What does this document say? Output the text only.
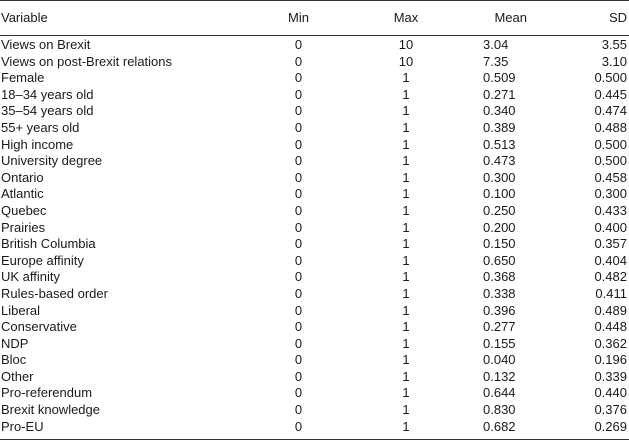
Variable	Min	Max	Mean	SD
Views on Brexit	0	10	3.04	3.55
Views on post-Brexit relations	0	10	7.35	3.10
Female	0	1	0.509	0.500
18–34 years old	0	1	0.271	0.445
35–54 years old	0	1	0.340	0.474
55+ years old	0	1	0.389	0.488
High income	0	1	0.513	0.500
University degree	0	1	0.473	0.500
Ontario	0	1	0.300	0.458
Atlantic	0	1	0.100	0.300
Quebec	0	1	0.250	0.433
Prairies	0	1	0.200	0.400
British Columbia	0	1	0.150	0.357
Europe affinity	0	1	0.650	0.404
UK affinity	0	1	0.368	0.482
Rules-based order	0	1	0.338	0.411
Liberal	0	1	0.396	0.489
Conservative	0	1	0.277	0.448
NDP	0	1	0.155	0.362
Bloc	0	1	0.040	0.196
Other	0	1	0.132	0.339
Pro-referendum	0	1	0.644	0.440
Brexit knowledge	0	1	0.830	0.376
Pro-EU	0	1	0.682	0.269
